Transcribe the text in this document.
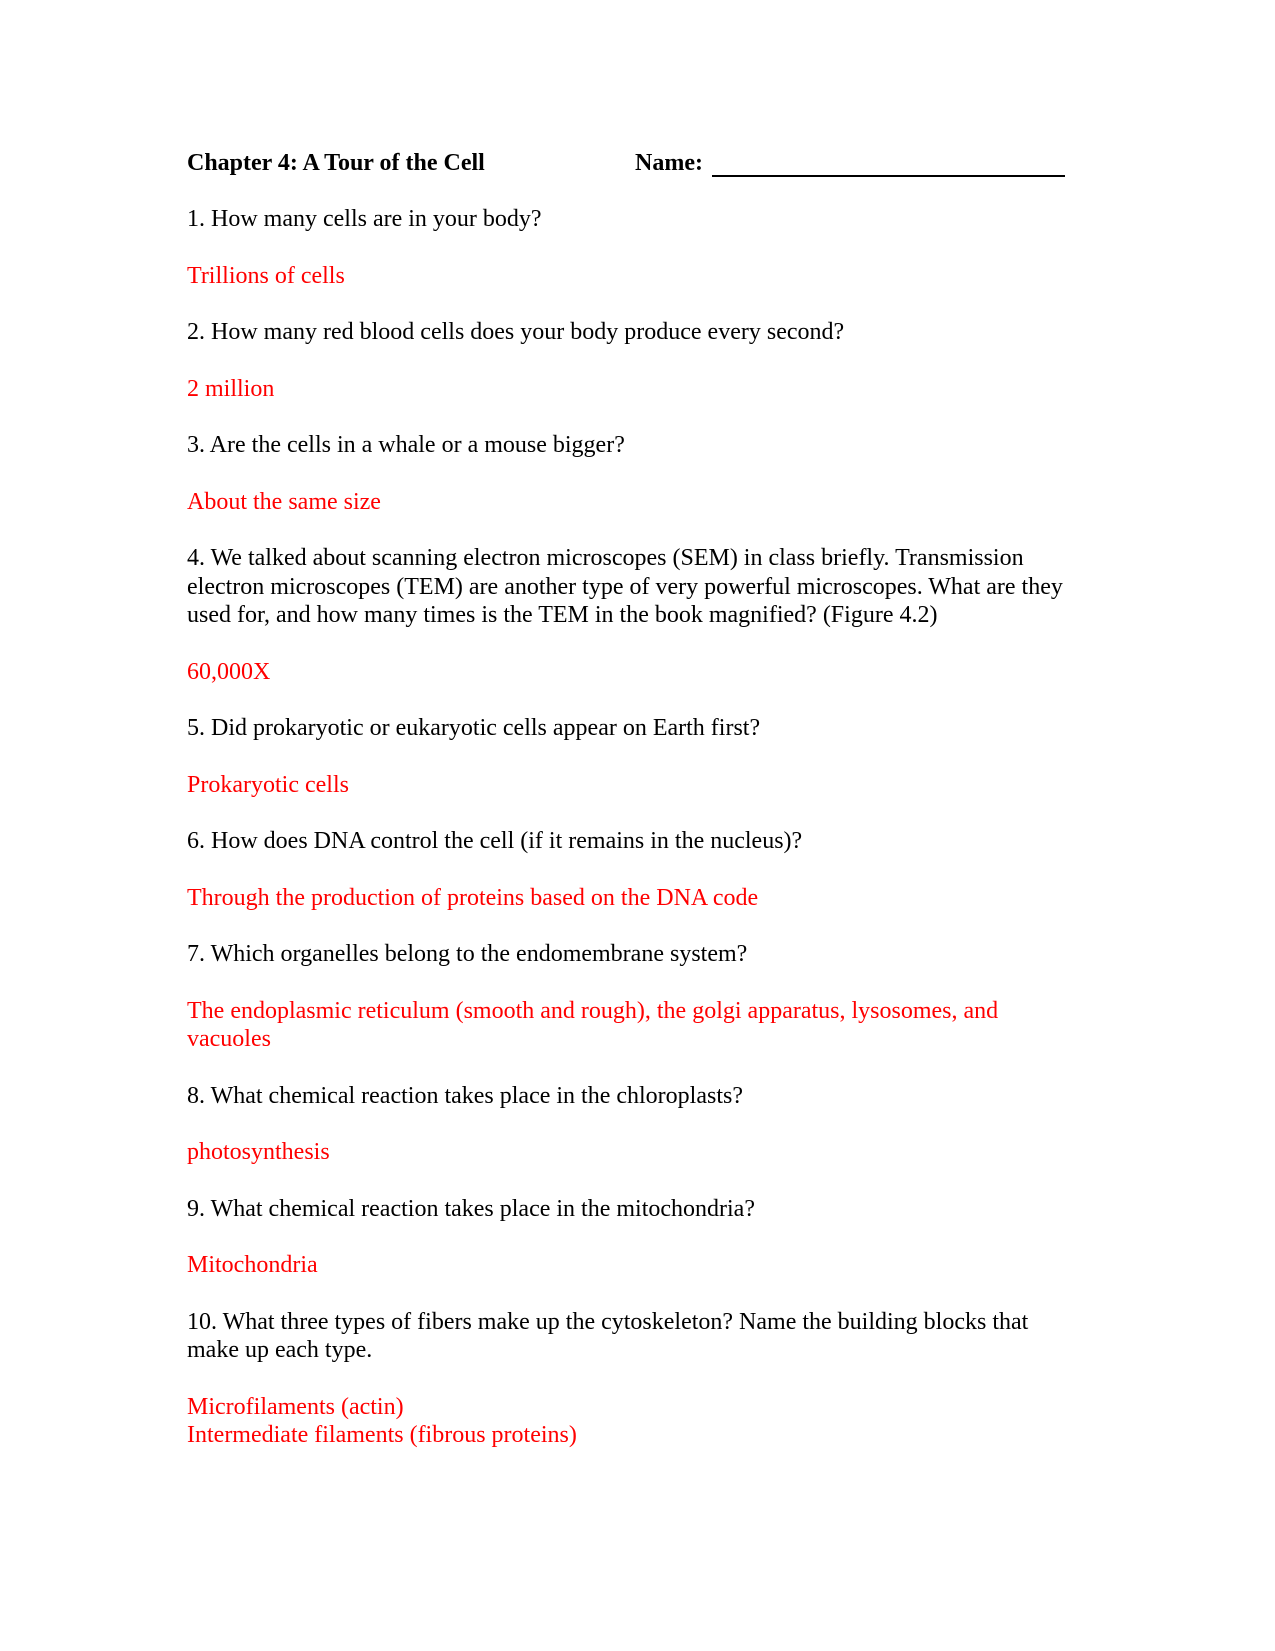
Chapter 4: A Tour of the Cell	Name:

1. How many cells are in your body?

Trillions of cells

2. How many red blood cells does your body produce every second?

2 million

3. Are the cells in a whale or a mouse bigger?

About the same size

4. We talked about scanning electron microscopes (SEM) in class briefly. Transmission electron microscopes (TEM) are another type of very powerful microscopes. What are they used for, and how many times is the TEM in the book magnified? (Figure 4.2)

60,000X

5. Did prokaryotic or eukaryotic cells appear on Earth first?

Prokaryotic cells

6. How does DNA control the cell (if it remains in the nucleus)?

Through the production of proteins based on the DNA code

7. Which organelles belong to the endomembrane system?

The endoplasmic reticulum (smooth and rough), the golgi apparatus, lysosomes, and vacuoles

8. What chemical reaction takes place in the chloroplasts?

photosynthesis

9. What chemical reaction takes place in the mitochondria?

Mitochondria

10. What three types of fibers make up the cytoskeleton? Name the building blocks that make up each type.

Microfilaments (actin)
Intermediate filaments (fibrous proteins)
